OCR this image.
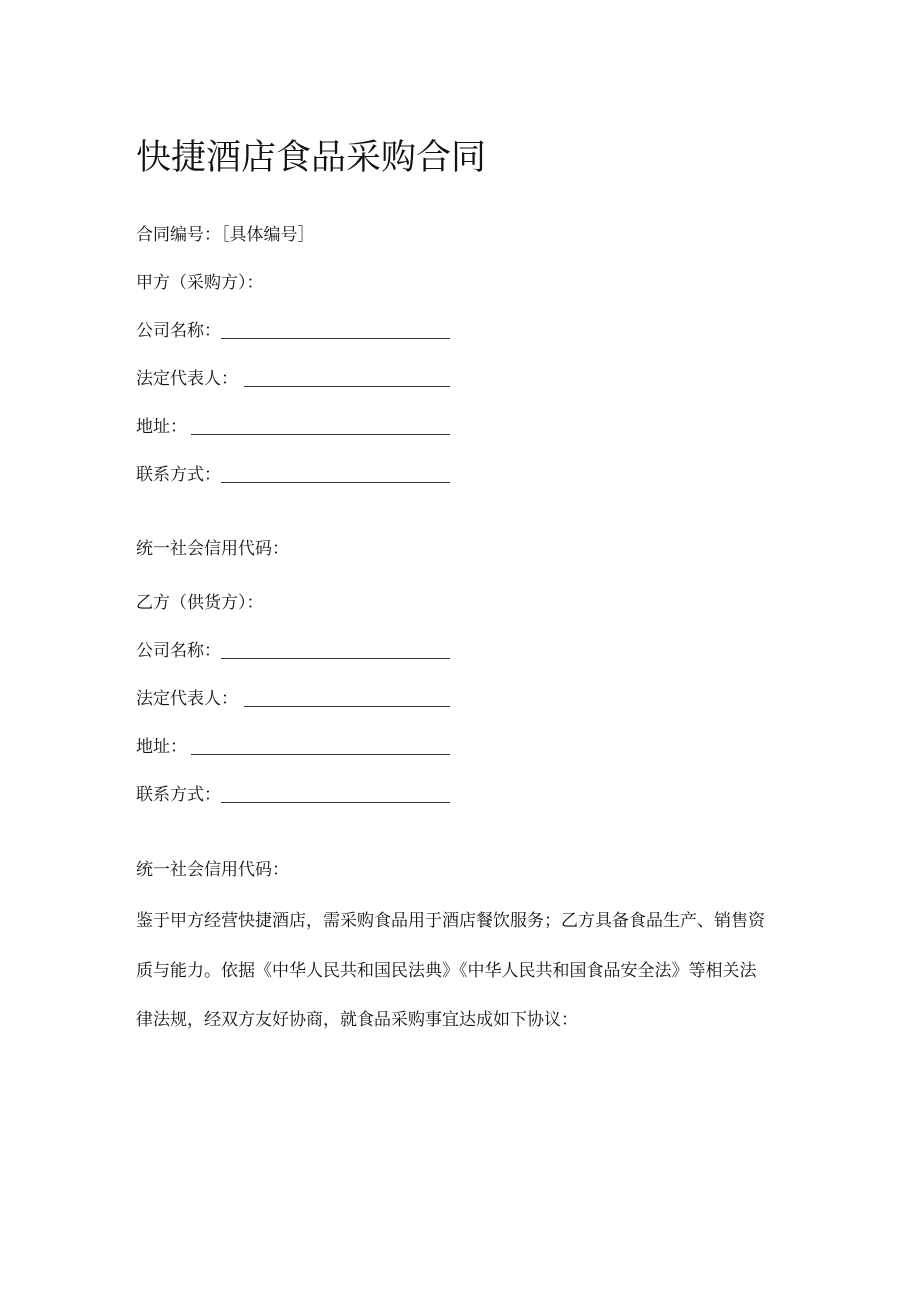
快捷酒店食品采购合同
合同编号：［具体编号］
甲方（采购方）：
公司名称：
法定代表人：
地址：
联系方式：
统一社会信用代码：
乙方（供货方）：
公司名称：
法定代表人：
地址：
联系方式：
统一社会信用代码：
鉴于甲方经营快捷酒店，需采购食品用于酒店餐饮服务；乙方具备食品生产、销售资
质与能力。依据《中华人民共和国民法典》《中华人民共和国食品安全法》等相关法
律法规，经双方友好协商，就食品采购事宜达成如下协议：
